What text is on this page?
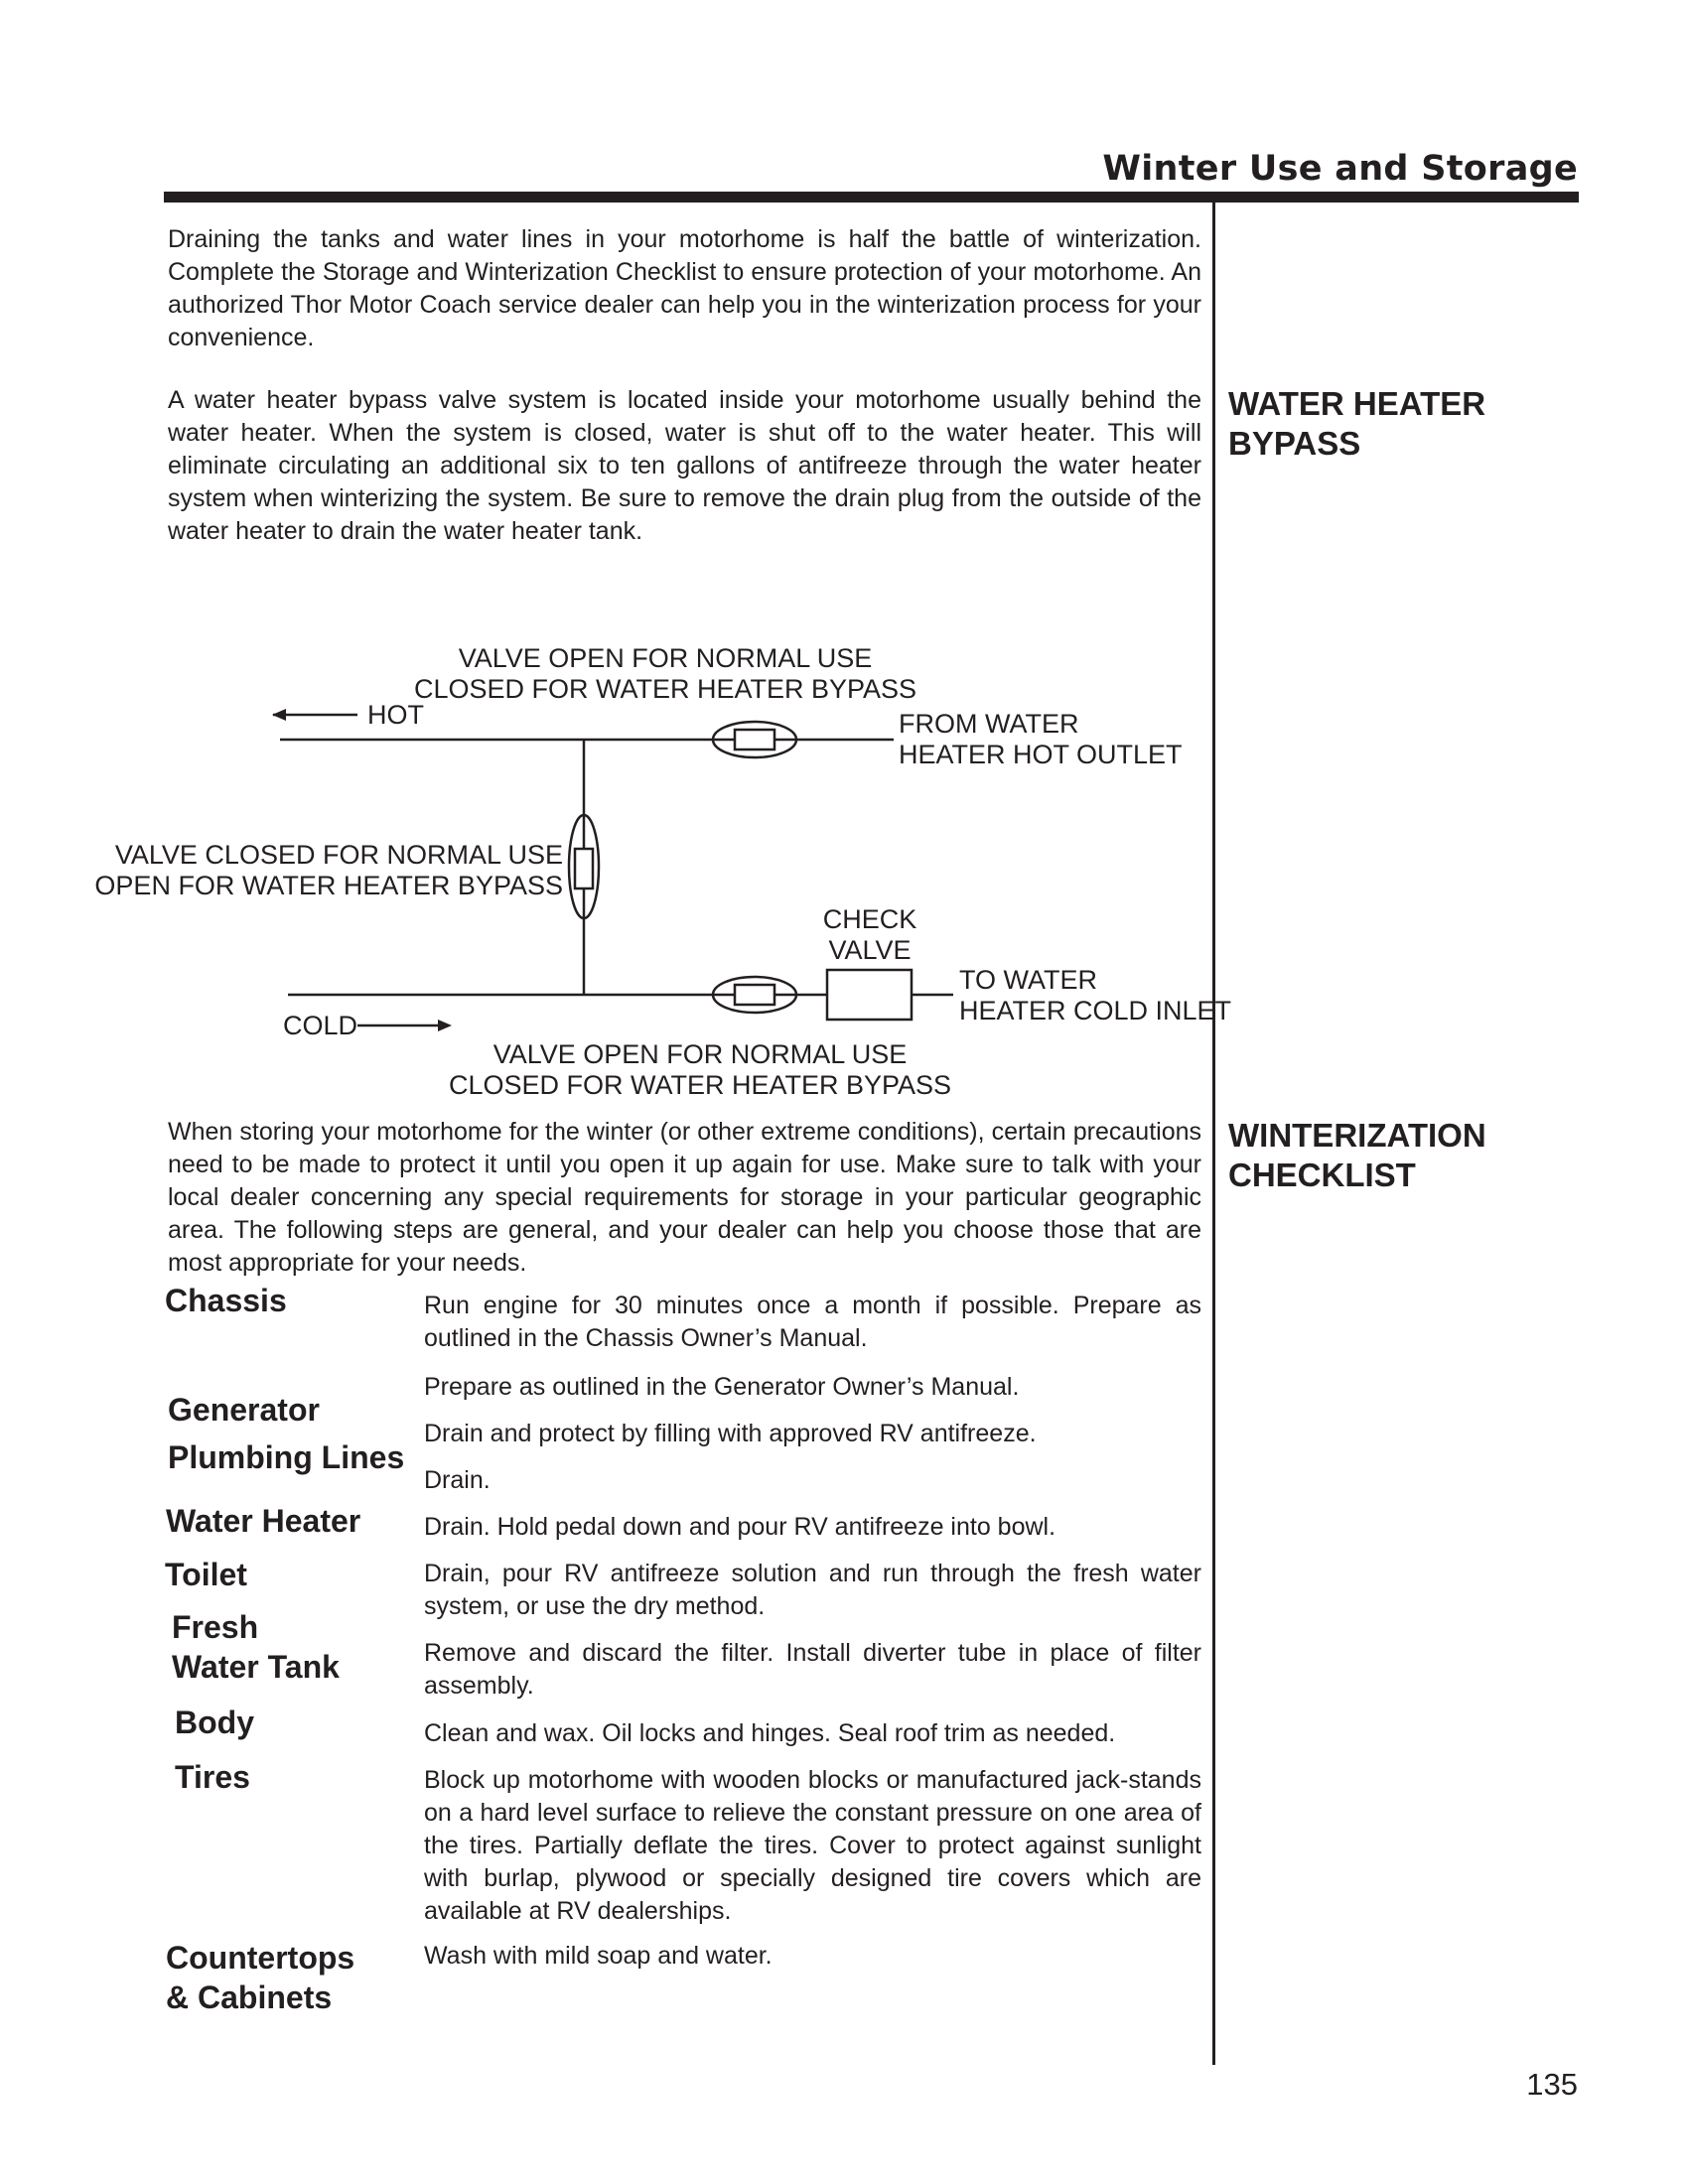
Winter Use and Storage
Draining the tanks and water lines in your motorhome is half the battle of winterization. Complete the Storage and Winterization Checklist to ensure protection of your motorhome. An authorized Thor Motor Coach service dealer can help you in the winterization process for your convenience.
A water heater bypass valve system is located inside your motorhome usually behind the water heater. When the system is closed, water is shut off to the water heater. This will eliminate circulating an additional six to ten gallons of antifreeze through the water heater system when winterizing the system. Be sure to remove the drain plug from the outside of the water heater to drain the water heater tank.
WATER HEATER BYPASS
VALVE OPEN FOR NORMAL USE
CLOSED FOR WATER HEATER BYPASS
HOT	FROM WATER
HEATER HOT OUTLET
VALVE CLOSED FOR NORMAL USE
OPEN FOR WATER HEATER BYPASS
CHECK
VALVE
COLD
TO WATER
HEATER COLD INLET
VALVE OPEN FOR NORMAL USE
CLOSED FOR WATER HEATER BYPASS
When storing your motorhome for the winter (or other extreme conditions), certain precautions need to be made to protect it until you open it up again for use. Make sure to talk with your local dealer concerning any special requirements for storage in your particular geographic area. The following steps are general, and your dealer can help you choose those that are most appropriate for your needs.
WINTERIZATION CHECKLIST
Chassis
Generator
Plumbing Lines
Water Heater
Toilet
Fresh
Water Tank
Body
Tires
Countertops
& Cabinets
Run engine for 30 minutes once a month if possible. Prepare as outlined in the Chassis Owner’s Manual.
Prepare as outlined in the Generator Owner’s Manual.
Drain and protect by filling with approved RV antifreeze.
Drain.
Drain. Hold pedal down and pour RV antifreeze into bowl.
Drain, pour RV antifreeze solution and run through the fresh water system, or use the dry method.
Remove and discard the filter. Install diverter tube in place of filter assembly.
Clean and wax. Oil locks and hinges. Seal roof trim as needed.
Block up motorhome with wooden blocks or manufactured jack-stands on a hard level surface to relieve the constant pressure on one area of the tires. Partially deflate the tires. Cover to protect against sunlight with burlap, plywood or specially designed tire covers which are available at RV dealerships.
Wash with mild soap and water.
135
